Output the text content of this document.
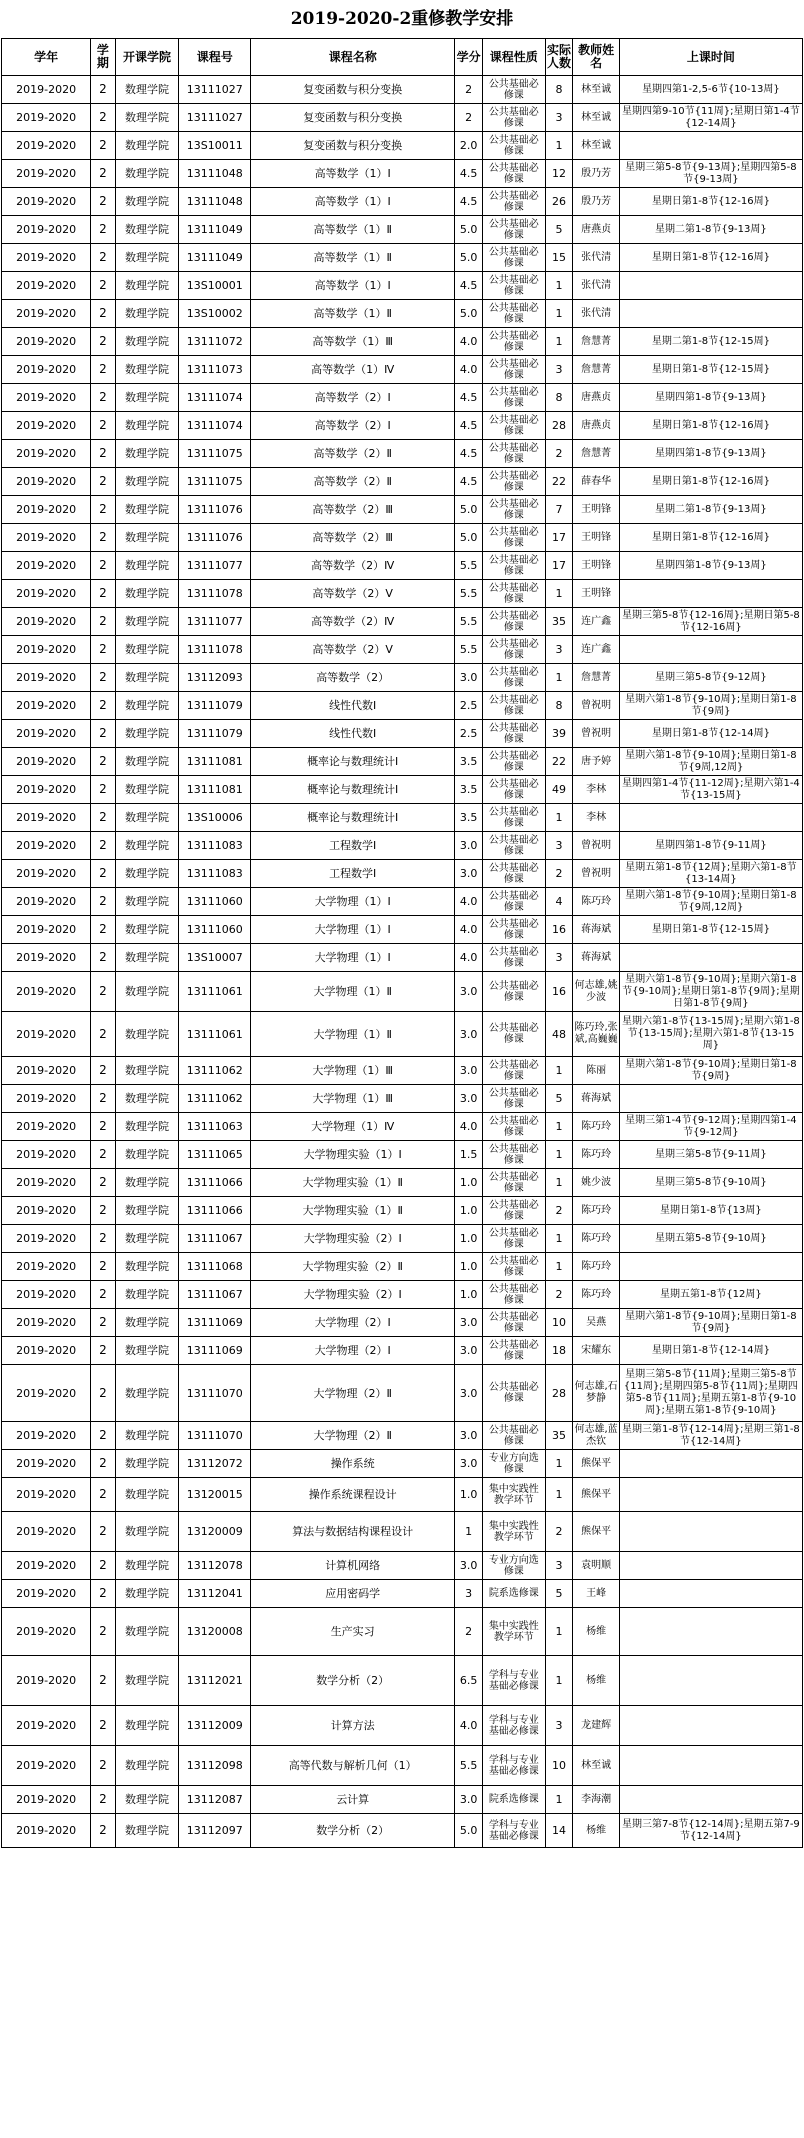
2019-2020-2重修教学安排
学年	学期	开课学院	课程号	课程名称	学分	课程性质	实际人数	教师姓名	上课时间
2019-2020	2	数理学院	13111027	复变函数与积分变换	2	公共基础必修课	8	林至诚	星期四第1-2,5-6节{10-13周}
2019-2020	2	数理学院	13111027	复变函数与积分变换	2	公共基础必修课	3	林至诚	星期四第9-10节{11周};星期日第1-4节{12-14周}
2019-2020	2	数理学院	13S10011	复变函数与积分变换	2.0	公共基础必修课	1	林至诚	
2019-2020	2	数理学院	13111048	高等数学（1）Ⅰ	4.5	公共基础必修课	12	殷乃芳	星期三第5-8节{9-13周};星期四第5-8节{9-13周}
2019-2020	2	数理学院	13111048	高等数学（1）Ⅰ	4.5	公共基础必修课	26	殷乃芳	星期日第1-8节{12-16周}
2019-2020	2	数理学院	13111049	高等数学（1）Ⅱ	5.0	公共基础必修课	5	唐燕贞	星期二第1-8节{9-13周}
2019-2020	2	数理学院	13111049	高等数学（1）Ⅱ	5.0	公共基础必修课	15	张代清	星期日第1-8节{12-16周}
2019-2020	2	数理学院	13S10001	高等数学（1）Ⅰ	4.5	公共基础必修课	1	张代清	
2019-2020	2	数理学院	13S10002	高等数学（1）Ⅱ	5.0	公共基础必修课	1	张代清	
2019-2020	2	数理学院	13111072	高等数学（1）Ⅲ	4.0	公共基础必修课	1	詹慧菁	星期二第1-8节{12-15周}
2019-2020	2	数理学院	13111073	高等数学（1）Ⅳ	4.0	公共基础必修课	3	詹慧菁	星期日第1-8节{12-15周}
2019-2020	2	数理学院	13111074	高等数学（2）Ⅰ	4.5	公共基础必修课	8	唐燕贞	星期四第1-8节{9-13周}
2019-2020	2	数理学院	13111074	高等数学（2）Ⅰ	4.5	公共基础必修课	28	唐燕贞	星期日第1-8节{12-16周}
2019-2020	2	数理学院	13111075	高等数学（2）Ⅱ	4.5	公共基础必修课	2	詹慧菁	星期四第1-8节{9-13周}
2019-2020	2	数理学院	13111075	高等数学（2）Ⅱ	4.5	公共基础必修课	22	薛春华	星期日第1-8节{12-16周}
2019-2020	2	数理学院	13111076	高等数学（2）Ⅲ	5.0	公共基础必修课	7	王明锋	星期二第1-8节{9-13周}
2019-2020	2	数理学院	13111076	高等数学（2）Ⅲ	5.0	公共基础必修课	17	王明锋	星期日第1-8节{12-16周}
2019-2020	2	数理学院	13111077	高等数学（2）Ⅳ	5.5	公共基础必修课	17	王明锋	星期四第1-8节{9-13周}
2019-2020	2	数理学院	13111078	高等数学（2）Ⅴ	5.5	公共基础必修课	1	王明锋	
2019-2020	2	数理学院	13111077	高等数学（2）Ⅳ	5.5	公共基础必修课	35	连广鑫	星期三第5-8节{12-16周};星期日第5-8节{12-16周}
2019-2020	2	数理学院	13111078	高等数学（2）Ⅴ	5.5	公共基础必修课	3	连广鑫	
2019-2020	2	数理学院	13112093	高等数学（2）	3.0	公共基础必修课	1	詹慧菁	星期三第5-8节{9-12周}
2019-2020	2	数理学院	13111079	线性代数Ⅰ	2.5	公共基础必修课	8	曾祝明	星期六第1-8节{9-10周};星期日第1-8节{9周}
2019-2020	2	数理学院	13111079	线性代数Ⅰ	2.5	公共基础必修课	39	曾祝明	星期日第1-8节{12-14周}
2019-2020	2	数理学院	13111081	概率论与数理统计Ⅰ	3.5	公共基础必修课	22	唐予婷	星期六第1-8节{9-10周};星期日第1-8节{9周,12周}
2019-2020	2	数理学院	13111081	概率论与数理统计Ⅰ	3.5	公共基础必修课	49	李林	星期四第1-4节{11-12周};星期六第1-4节{13-15周}
2019-2020	2	数理学院	13S10006	概率论与数理统计Ⅰ	3.5	公共基础必修课	1	李林	
2019-2020	2	数理学院	13111083	工程数学Ⅰ	3.0	公共基础必修课	3	曾祝明	星期四第1-8节{9-11周}
2019-2020	2	数理学院	13111083	工程数学Ⅰ	3.0	公共基础必修课	2	曾祝明	星期五第1-8节{12周};星期六第1-8节{13-14周}
2019-2020	2	数理学院	13111060	大学物理（1）Ⅰ	4.0	公共基础必修课	4	陈巧玲	星期六第1-8节{9-10周};星期日第1-8节{9周,12周}
2019-2020	2	数理学院	13111060	大学物理（1）Ⅰ	4.0	公共基础必修课	16	蒋海斌	星期日第1-8节{12-15周}
2019-2020	2	数理学院	13S10007	大学物理（1）Ⅰ	4.0	公共基础必修课	3	蒋海斌	
2019-2020	2	数理学院	13111061	大学物理（1）Ⅱ	3.0	公共基础必修课	16	何志雄,姚少波	星期六第1-8节{9-10周};星期六第1-8节{9-10周};星期日第1-8节{9周};星期日第1-8节{9周}
2019-2020	2	数理学院	13111061	大学物理（1）Ⅱ	3.0	公共基础必修课	48	陈巧玲,张斌,高巍巍	星期六第1-8节{13-15周};星期六第1-8节{13-15周};星期六第1-8节{13-15周}
2019-2020	2	数理学院	13111062	大学物理（1）Ⅲ	3.0	公共基础必修课	1	陈丽	星期六第1-8节{9-10周};星期日第1-8节{9周}
2019-2020	2	数理学院	13111062	大学物理（1）Ⅲ	3.0	公共基础必修课	5	蒋海斌	
2019-2020	2	数理学院	13111063	大学物理（1）Ⅳ	4.0	公共基础必修课	1	陈巧玲	星期三第1-4节{9-12周};星期四第1-4节{9-12周}
2019-2020	2	数理学院	13111065	大学物理实验（1）Ⅰ	1.5	公共基础必修课	1	陈巧玲	星期三第5-8节{9-11周}
2019-2020	2	数理学院	13111066	大学物理实验（1）Ⅱ	1.0	公共基础必修课	1	姚少波	星期三第5-8节{9-10周}
2019-2020	2	数理学院	13111066	大学物理实验（1）Ⅱ	1.0	公共基础必修课	2	陈巧玲	星期日第1-8节{13周}
2019-2020	2	数理学院	13111067	大学物理实验（2）Ⅰ	1.0	公共基础必修课	1	陈巧玲	星期五第5-8节{9-10周}
2019-2020	2	数理学院	13111068	大学物理实验（2）Ⅱ	1.0	公共基础必修课	1	陈巧玲	
2019-2020	2	数理学院	13111067	大学物理实验（2）Ⅰ	1.0	公共基础必修课	2	陈巧玲	星期五第1-8节{12周}
2019-2020	2	数理学院	13111069	大学物理（2）Ⅰ	3.0	公共基础必修课	10	吴燕	星期六第1-8节{9-10周};星期日第1-8节{9周}
2019-2020	2	数理学院	13111069	大学物理（2）Ⅰ	3.0	公共基础必修课	18	宋耀东	星期日第1-8节{12-14周}
2019-2020	2	数理学院	13111070	大学物理（2）Ⅱ	3.0	公共基础必修课	28	何志雄,石梦静	星期三第5-8节{11周};星期三第5-8节{11周};星期四第5-8节{11周};星期四第5-8节{11周};星期五第1-8节{9-10周};星期五第1-8节{9-10周}
2019-2020	2	数理学院	13111070	大学物理（2）Ⅱ	3.0	公共基础必修课	35	何志雄,蓝杰钦	星期三第1-8节{12-14周};星期三第1-8节{12-14周}
2019-2020	2	数理学院	13112072	操作系统	3.0	专业方向选修课	1	熊保平	
2019-2020	2	数理学院	13120015	操作系统课程设计	1.0	集中实践性教学环节	1	熊保平	
2019-2020	2	数理学院	13120009	算法与数据结构课程设计	1	集中实践性教学环节	2	熊保平	
2019-2020	2	数理学院	13112078	计算机网络	3.0	专业方向选修课	3	袁明顺	
2019-2020	2	数理学院	13112041	应用密码学	3	院系选修课	5	王峰	
2019-2020	2	数理学院	13120008	生产实习	2	集中实践性教学环节	1	杨维	
2019-2020	2	数理学院	13112021	数学分析（2）	6.5	学科与专业基础必修课	1	杨维	
2019-2020	2	数理学院	13112009	计算方法	4.0	学科与专业基础必修课	3	龙建辉	
2019-2020	2	数理学院	13112098	高等代数与解析几何（1）	5.5	学科与专业基础必修课	10	林至诚	
2019-2020	2	数理学院	13112087	云计算	3.0	院系选修课	1	李海潮	
2019-2020	2	数理学院	13112097	数学分析（2）	5.0	学科与专业基础必修课	14	杨维	星期三第7-8节{12-14周};星期五第7-9节{12-14周}
